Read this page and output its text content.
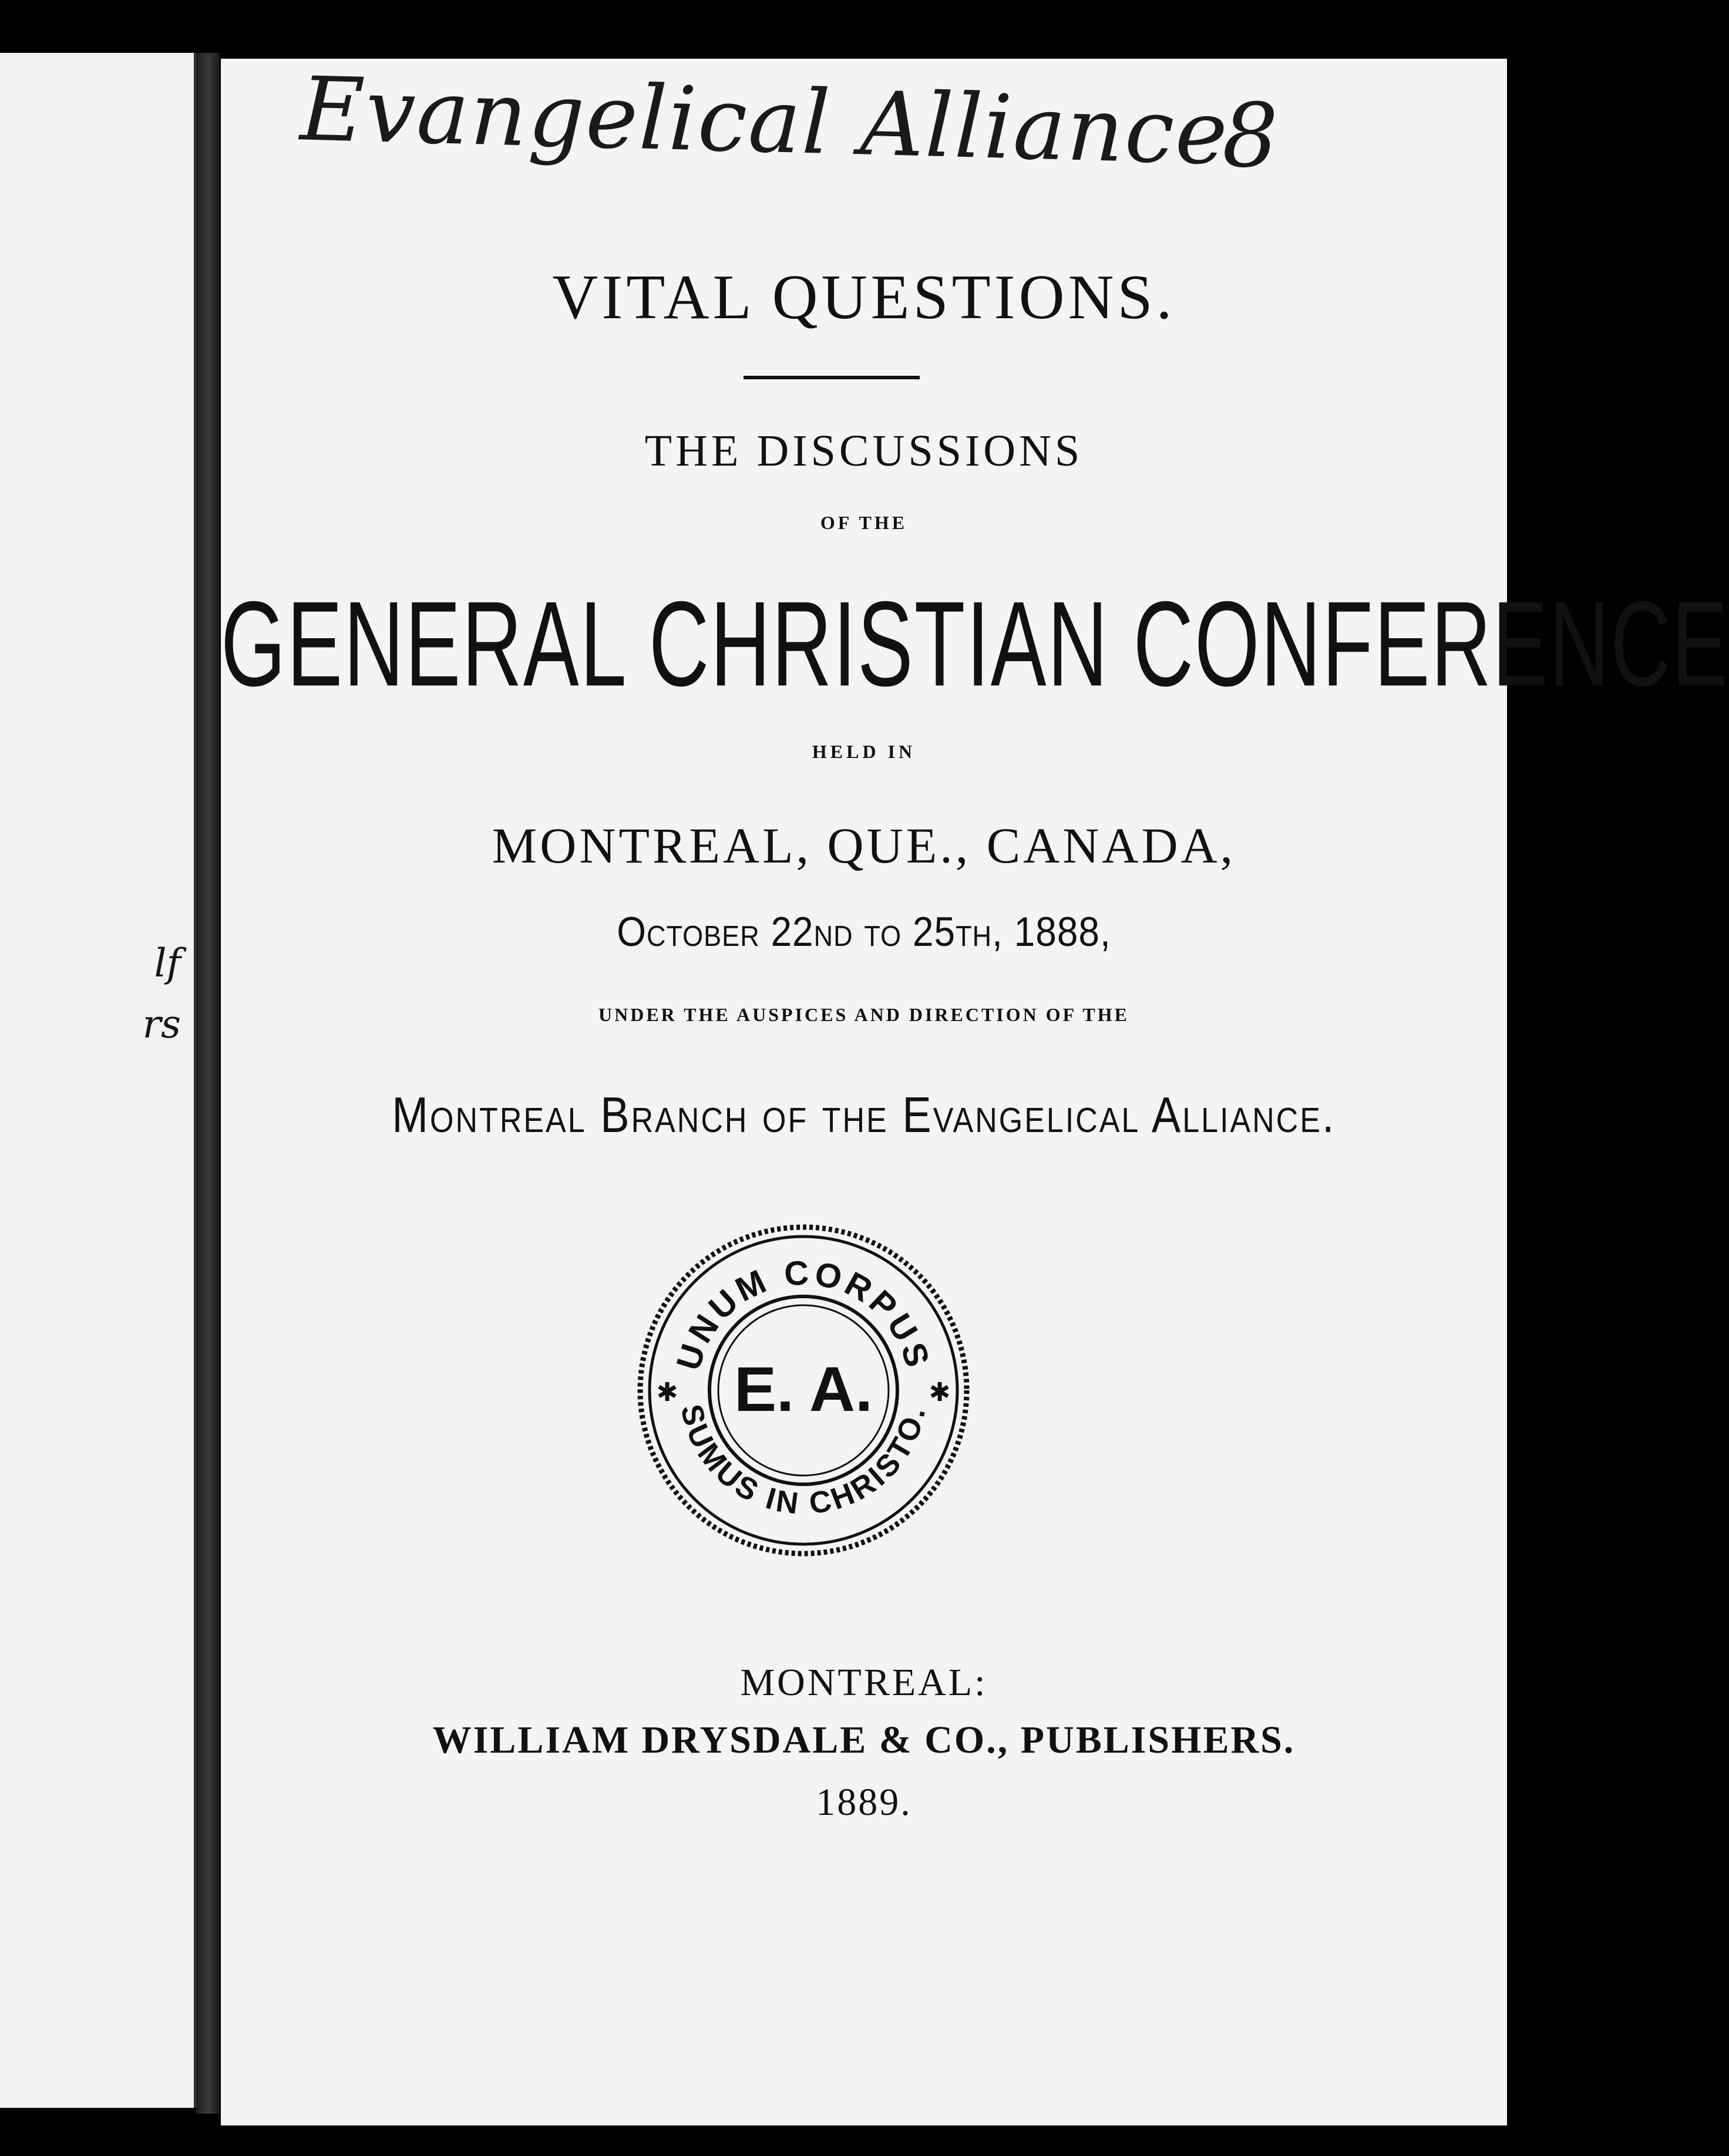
lf
rs
Evangelical Alliance
8
VITAL QUESTIONS.
THE DISCUSSIONS
OF THE
GENERAL CHRISTIAN CONFERENCE
HELD IN
MONTREAL, QUE., CANADA,
October 22nd to 25th, 1888,
UNDER THE AUSPICES AND DIRECTION OF THE
Montreal Branch of the Evangelical Alliance.
UNUM CORPUS
SUMUS IN CHRISTO.
✱	✱
E. A.
MONTREAL:
WILLIAM DRYSDALE & CO., PUBLISHERS.
1889.
